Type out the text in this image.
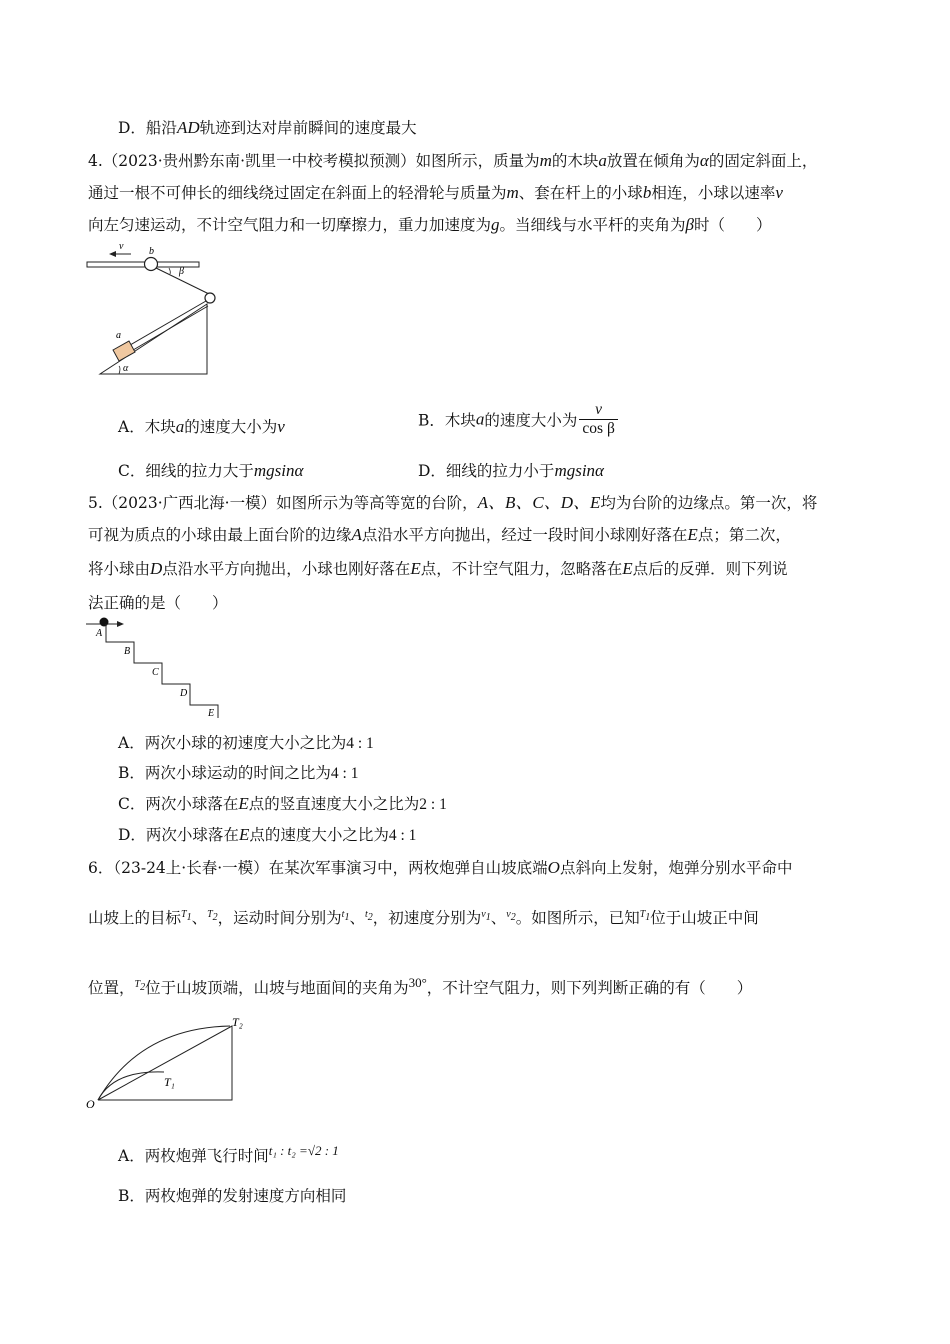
D．船沿AD轨迹到达对岸前瞬间的速度最大
4.（2023·贵州黔东南·凯里一中校考模拟预测）如图所示，质量为m的木块a放置在倾角为α的固定斜面上，
通过一根不可伸长的细线绕过固定在斜面上的轻滑轮与质量为m、套在杆上的小球b相连，小球以速率v
向左匀速运动，不计空气阻力和一切摩擦力，重力加速度为g。当细线与水平杆的夹角为β时（　　）
v	b
β
a
α
A．木块a的速度大小为v	B．木块a的速度大小为 $\frac{v}{\text{cos β}}$
C．细线的拉力大于mgsinα	D．细线的拉力小于mgsinα
5.（2023·广西北海·一模）如图所示为等高等宽的台阶，A、B、C、D、E均为台阶的边缘点。第一次，将
可视为质点的小球由最上面台阶的边缘A点沿水平方向抛出，经过一段时间小球刚好落在E点；第二次，
将小球由D点沿水平方向抛出，小球也刚好落在E点，不计空气阻力，忽略落在E点后的反弹．则下列说
法正确的是（　　）
A
B
C
D
E
A．两次小球的初速度大小之比为4 : 1
B．两次小球运动的时间之比为4 : 1
C．两次小球落在E点的竖直速度大小之比为2 : 1
D．两次小球落在E点的速度大小之比为4 : 1
6．（23-24上·长春·一模）在某次军事演习中，两枚炮弹自山坡底端O点斜向上发射，炮弹分别水平命中
山坡上的目标$^{T_1}$、$^{T_2}$，运动时间分别为$^{t_1}$、$^{t_2}$，初速度分别为$^{v_1}$、$^{v_2}$。如图所示，已知$^{T_1}$位于山坡正中间
位置，$^{T_2}$位于山坡顶端，山坡与地面间的夹角为$^{30^\circ}$，不计空气阻力，则下列判断正确的有（　　）
O
T₁
T₂
A．两枚炮弹飞行时间$^{t_1 : t_2 =√2 : 1}$
B．两枚炮弹的发射速度方向相同
